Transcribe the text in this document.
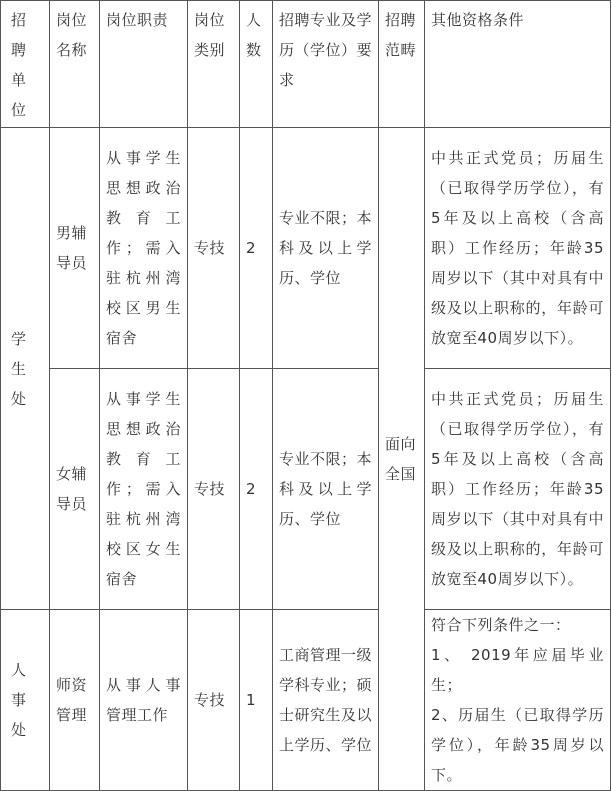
招聘单位	岗位名称	岗位职责	岗位类别	人数	招聘专业及学历（学位）要求	招聘范畴	其他资格条件
学生处	男辅导员	从事学生思想政治教育工作；需入驻杭州湾校区男生宿舍	专技	2	专业不限；本科及以上学历、学位	面向全国	中共正式党员；历届生（已取得学历学位），有5年及以上高校（含高职）工作经历；年龄35周岁以下（其中对具有中级及以上职称的，年龄可放宽至40周岁以下）。
	女辅导员	从事学生思想政治教育工作；需入驻杭州湾校区女生宿舍	专技	2	专业不限；本科及以上学历、学位		中共正式党员；历届生（已取得学历学位），有5年及以上高校（含高职）工作经历；年龄35周岁以下（其中对具有中级及以上职称的，年龄可放宽至40周岁以下）。
人事处	师资管理	从事人事管理工作	专技	1	工商管理一级学科专业；硕士研究生及以上学历、学位		符合下列条件之一：
1、 2019年应届毕业生；
2、历届生（已取得学历学位），年龄35周岁以下。
